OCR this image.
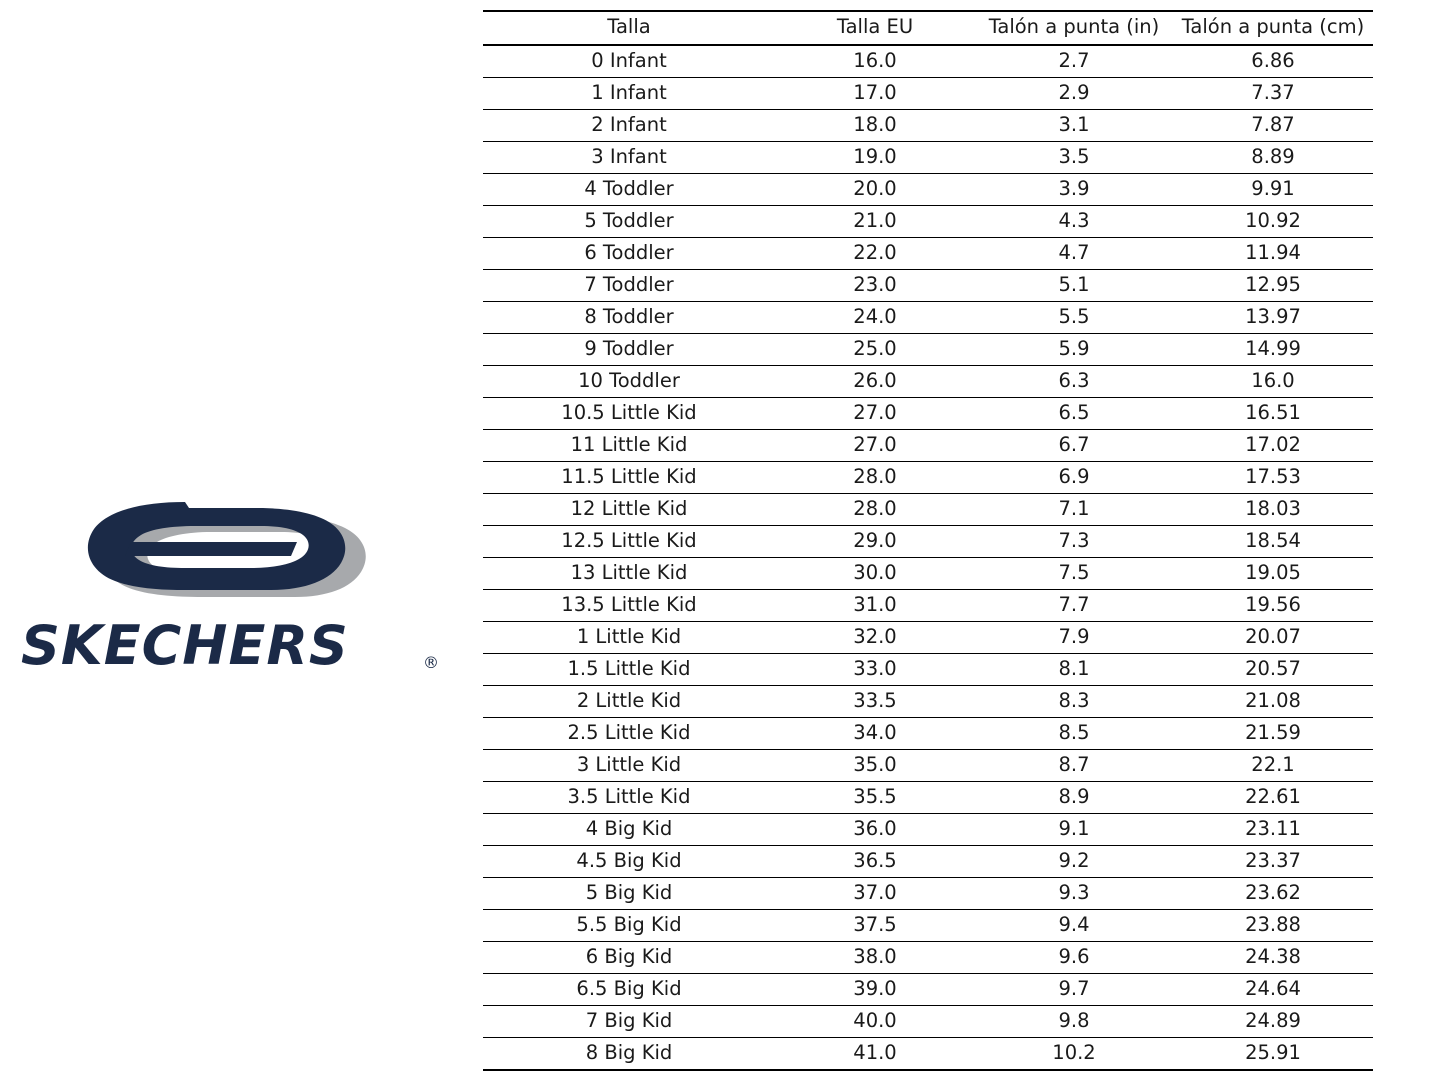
SKECHERS	®
Talla	Talla EU	Talón a punta (in)	Talón a punta (cm)
0 Infant	16.0	2.7	6.86
1 Infant	17.0	2.9	7.37
2 Infant	18.0	3.1	7.87
3 Infant	19.0	3.5	8.89
4 Toddler	20.0	3.9	9.91
5 Toddler	21.0	4.3	10.92
6 Toddler	22.0	4.7	11.94
7 Toddler	23.0	5.1	12.95
8 Toddler	24.0	5.5	13.97
9 Toddler	25.0	5.9	14.99
10 Toddler	26.0	6.3	16.0
10.5 Little Kid	27.0	6.5	16.51
11 Little Kid	27.0	6.7	17.02
11.5 Little Kid	28.0	6.9	17.53
12 Little Kid	28.0	7.1	18.03
12.5 Little Kid	29.0	7.3	18.54
13 Little Kid	30.0	7.5	19.05
13.5 Little Kid	31.0	7.7	19.56
1 Little Kid	32.0	7.9	20.07
1.5 Little Kid	33.0	8.1	20.57
2 Little Kid	33.5	8.3	21.08
2.5 Little Kid	34.0	8.5	21.59
3 Little Kid	35.0	8.7	22.1
3.5 Little Kid	35.5	8.9	22.61
4 Big Kid	36.0	9.1	23.11
4.5 Big Kid	36.5	9.2	23.37
5 Big Kid	37.0	9.3	23.62
5.5 Big Kid	37.5	9.4	23.88
6 Big Kid	38.0	9.6	24.38
6.5 Big Kid	39.0	9.7	24.64
7 Big Kid	40.0	9.8	24.89
8 Big Kid	41.0	10.2	25.91
